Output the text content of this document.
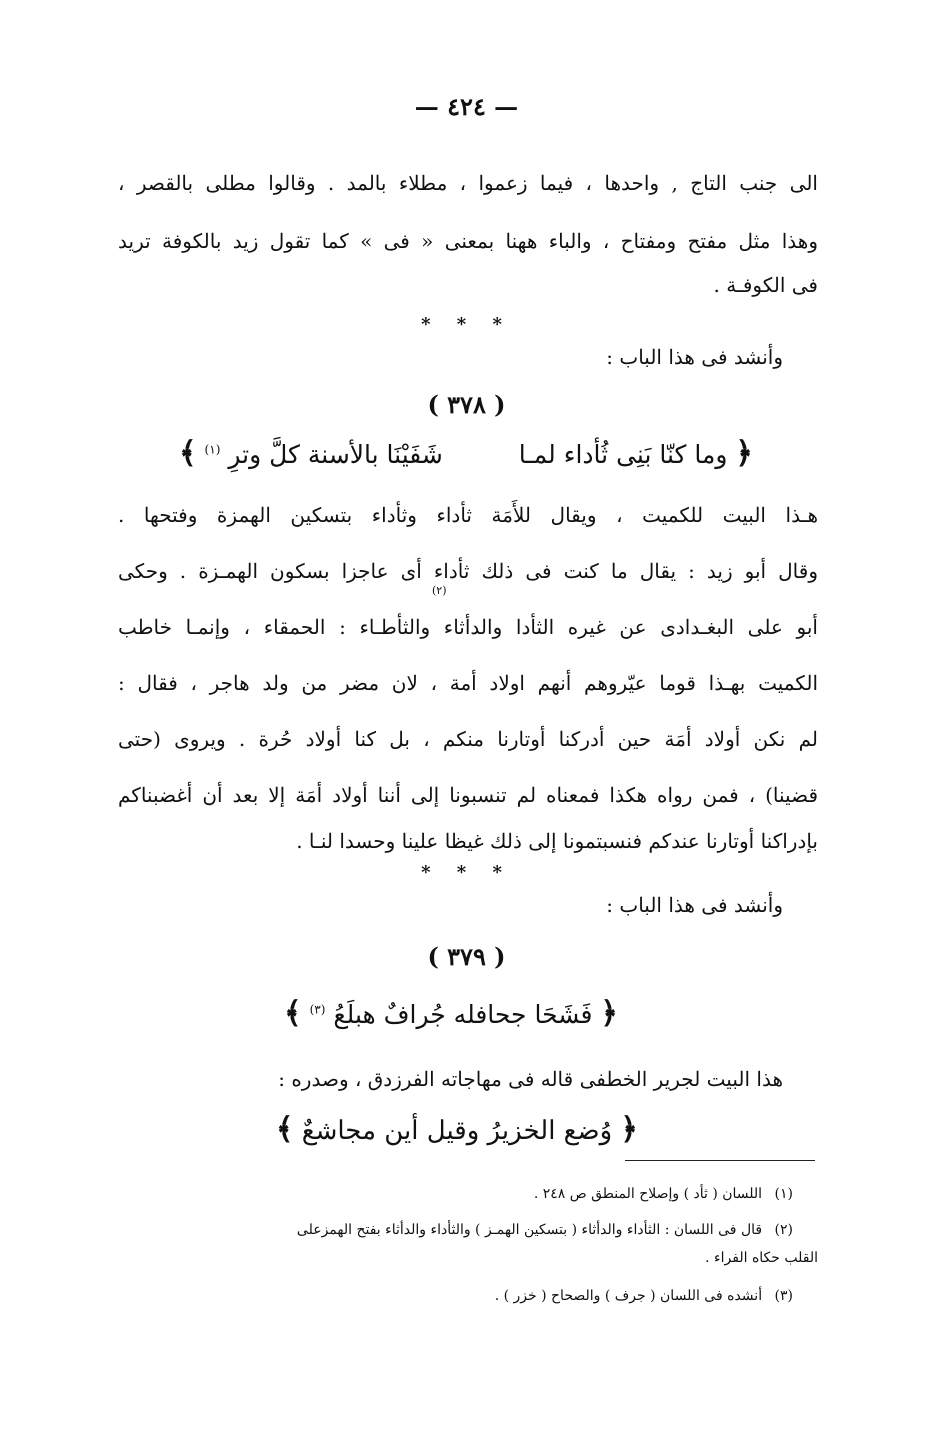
— ٤٢٤ —
الى جنب التاج , واحدها ، فيما زعموا ، مطلاء بالمد . وقالوا مطلى بالقصر ،
وهذا مثل مفتح ومفتاح ، والباء ههنا بمعنى « فى » كما تقول زيد بالكوفة تريد
فى الكوفـة .
* * *
وأنشد فى هذا الباب :
( ٣٧٨ )
﴿ وما كنّا بَنِى ثُأداء لمـا  شَفَيْنَا بالأسنة كلَّ وترِ $^{(١)}$ ﴾
هـذا البيت للكميت ، ويقال للأَمَة ثأداء وثأداء بتسكين الهمزة وفتحها .
وقال أبو زيد : يقال ما كنت فى ذلك ثأداء أى عاجزا بسكون الهمـزة . وحكى
(٢)
أبو على البغـدادى عن غيره الثأدا والدأثاء والثأطـاء : الحمقاء ، وإنمـا خاطب
الكميت بهـذا قوما عيّروهم أنهم اولاد أمة ، لان مضر من ولد هاجر ، فقال :
لم نكن أولاد أمَة حين أدركنا أوتارنا منكم ، بل كنا أولاد حُرة . ويروى (حتى
قضينا) ، فمن رواه هكذا فمعناه لم تنسبونا إلى أننا أولاد أمَة إلا بعد أن أغضبناكم
بإدراكنا أوتارنا عندكم فنسبتمونا إلى ذلك غيظا علينا وحسدا لنـا .
* * *
وأنشد فى هذا الباب :
( ٣٧٩ )
﴿ فَشَحَا جحافله جُرافٌ هبلَعُ $^{(٣)}$ ﴾
هذا البيت لجرير الخطفى قاله فى مهاجاته الفرزدق ، وصدره :
﴿ وُضع الخزيرُ وقيل أين مجاشعٌ ﴾
(١) اللسان ( ثأد ) وإصلاح المنطق ص ٢٤٨ .
(٢) قال فى اللسان : الثأداء والدأثاء ( بتسكين الهمـز ) والثأداء والدأثاء بفتح الهمزعلى
القلب حكاه الفراء .
(٣) أنشده فى اللسان ( جرف ) والصحاح ( خزر ) .
